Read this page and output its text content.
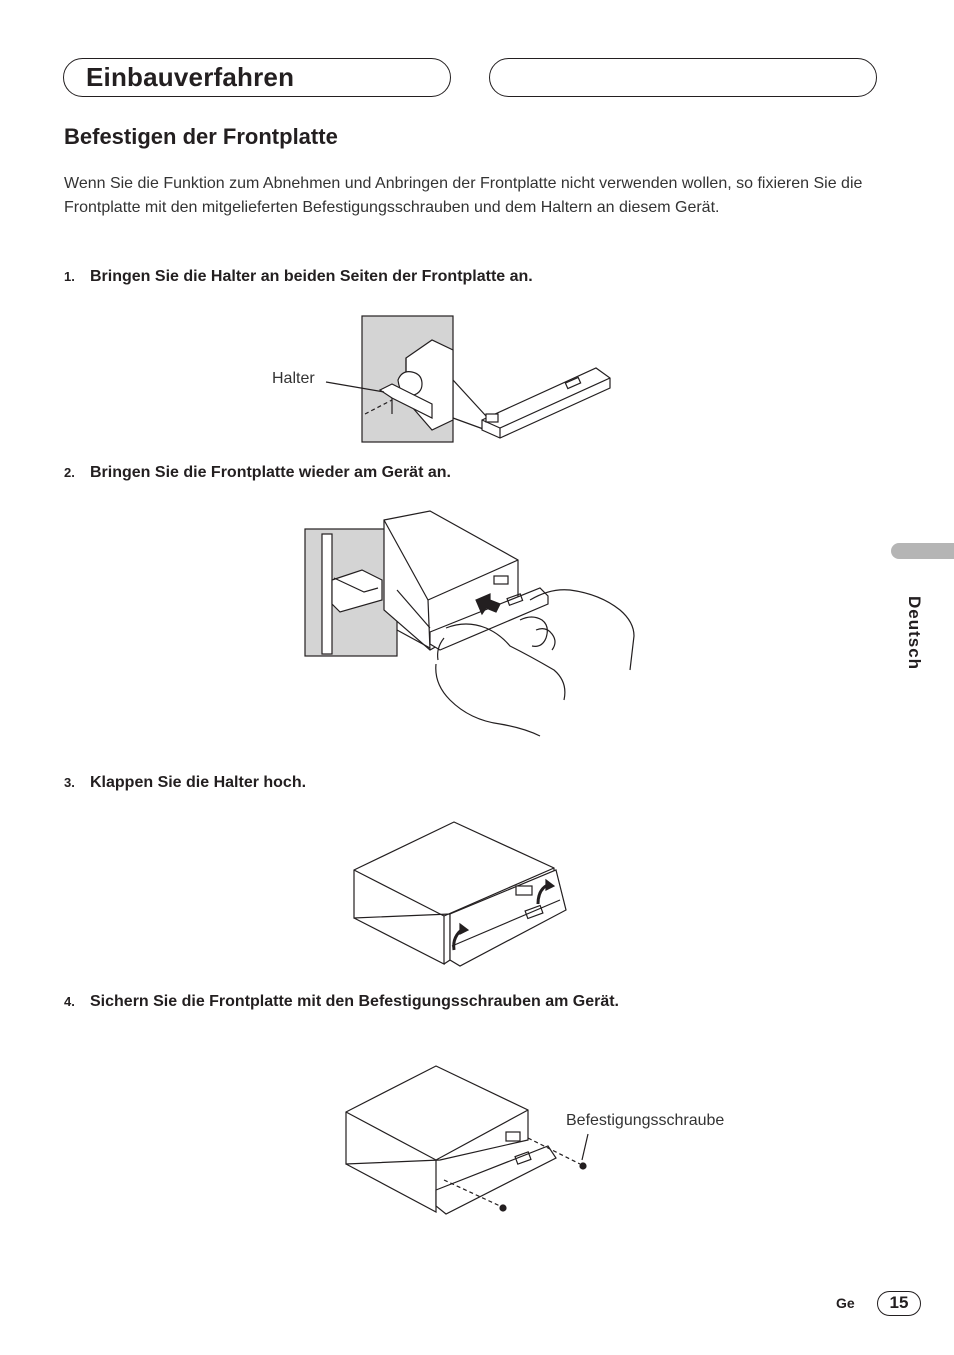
Einbauverfahren
Befestigen der Frontplatte
Wenn Sie die Funktion zum Abnehmen und Anbringen der Frontplatte nicht verwenden wollen, so fixieren Sie die Frontplatte mit den mitgelieferten Befestigungsschrauben und dem Haltern an diesem Gerät.
1. Bringen Sie die Halter an beiden Seiten der Frontplatte an.
2. Bringen Sie die Frontplatte wieder am Gerät an.
3. Klappen Sie die Halter hoch.
4. Sichern Sie die Frontplatte mit den Befestigungsschrauben am Gerät.
Halter
Befestigungsschraube
Deutsch
Ge	15
